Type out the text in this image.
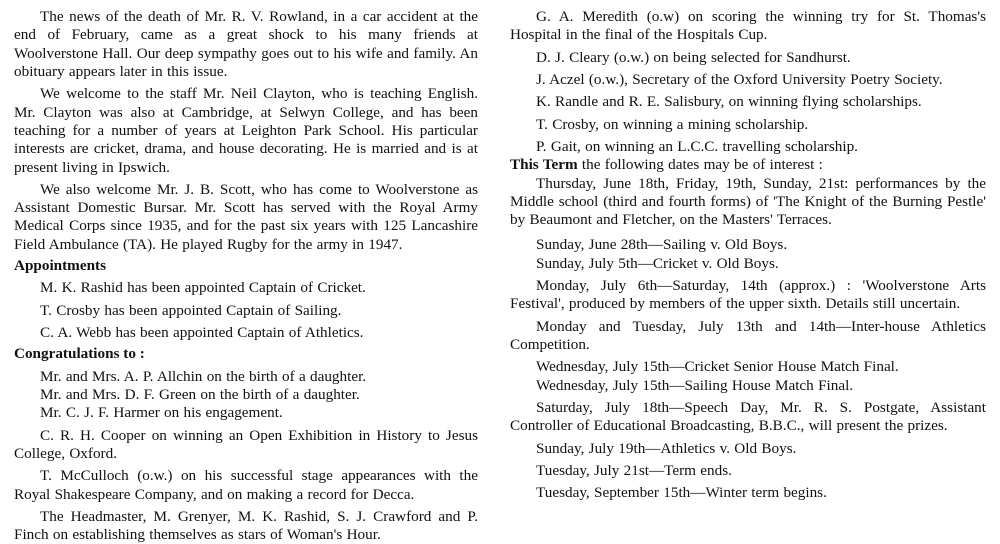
The news of the death of Mr. R. V. Rowland, in a car accident at the end of February, came as a great shock to his many friends at Woolverstone Hall. Our deep sympathy goes out to his wife and family. An obituary appears later in this issue.

We welcome to the staff Mr. Neil Clayton, who is teaching English. Mr. Clayton was also at Cambridge, at Selwyn College, and has been teaching for a number of years at Leighton Park School. His particular interests are cricket, drama, and house decorating. He is married and is at present living in Ipswich.

We also welcome Mr. J. B. Scott, who has come to Woolverstone as Assistant Domestic Bursar. Mr. Scott has served with the Royal Army Medical Corps since 1935, and for the past six years with 125 Lancashire Field Ambulance (TA). He played Rugby for the army in 1947.

Appointments

M. K. Rashid has been appointed Captain of Cricket.

T. Crosby has been appointed Captain of Sailing.

C. A. Webb has been appointed Captain of Athletics.

Congratulations to :

Mr. and Mrs. A. P. Allchin on the birth of a daughter.

Mr. and Mrs. D. F. Green on the birth of a daughter.

Mr. C. J. F. Harmer on his engagement.

C. R. H. Cooper on winning an Open Exhibition in History to Jesus College, Oxford.

T. McCulloch (o.w.) on his successful stage appearances with the Royal Shakespeare Company, and on making a record for Decca.

The Headmaster, M. Grenyer, M. K. Rashid, S. J. Crawford and P. Finch on establishing themselves as stars of Woman's Hour.

G. A. Meredith (o.w) on scoring the winning try for St. Thomas's Hospital in the final of the Hospitals Cup.

D. J. Cleary (o.w.) on being selected for Sandhurst.

J. Aczel (o.w.), Secretary of the Oxford University Poetry Society.

K. Randle and R. E. Salisbury, on winning flying scholarships.

T. Crosby, on winning a mining scholarship.

P. Gait, on winning an L.C.C. travelling scholarship.

This Term the following dates may be of interest :

Thursday, June 18th, Friday, 19th, Sunday, 21st: performances by the Middle school (third and fourth forms) of 'The Knight of the Burning Pestle' by Beaumont and Fletcher, on the Masters' Terraces.

Sunday, June 28th—Sailing v. Old Boys.

Sunday, July 5th—Cricket v. Old Boys.

Monday, July 6th—Saturday, 14th (approx.) : 'Woolverstone Arts Festival', produced by members of the upper sixth. Details still uncertain.

Monday and Tuesday, July 13th and 14th—Inter-house Athletics Competition.

Wednesday, July 15th—Cricket Senior House Match Final.

Wednesday, July 15th—Sailing House Match Final.

Saturday, July 18th—Speech Day, Mr. R. S. Postgate, Assistant Controller of Educational Broadcasting, B.B.C., will present the prizes.

Sunday, July 19th—Athletics v. Old Boys.

Tuesday, July 21st—Term ends.

Tuesday, September 15th—Winter term begins.
